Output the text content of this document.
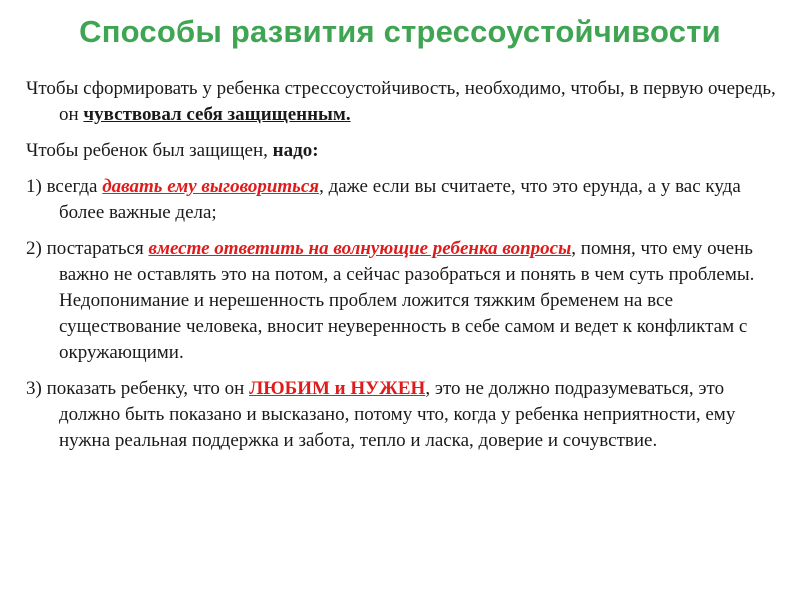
Способы развития стрессоустойчивости

Чтобы сформировать у ребенка стрессоустойчивость, необходимо, чтобы, в первую очередь, он чувствовал себя защищенным.

Чтобы ребенок был защищен, надо:

1) всегда давать ему выговориться, даже если вы считаете, что это ерунда, а у вас куда более важные дела;

2) постараться вместе ответить на волнующие ребенка вопросы, помня, что ему очень важно не оставлять это на потом, а сейчас разобраться и понять в чем суть проблемы. Недопонимание и нерешенность проблем ложится тяжким бременем на все существование человека, вносит неуверенность в себе самом и ведет к конфликтам с окружающими.

3) показать ребенку, что он ЛЮБИМ и НУЖЕН, это не должно подразумеваться, это должно быть показано и высказано, потому что, когда у ребенка неприятности, ему нужна реальная поддержка и забота, тепло и ласка, доверие и сочувствие.
